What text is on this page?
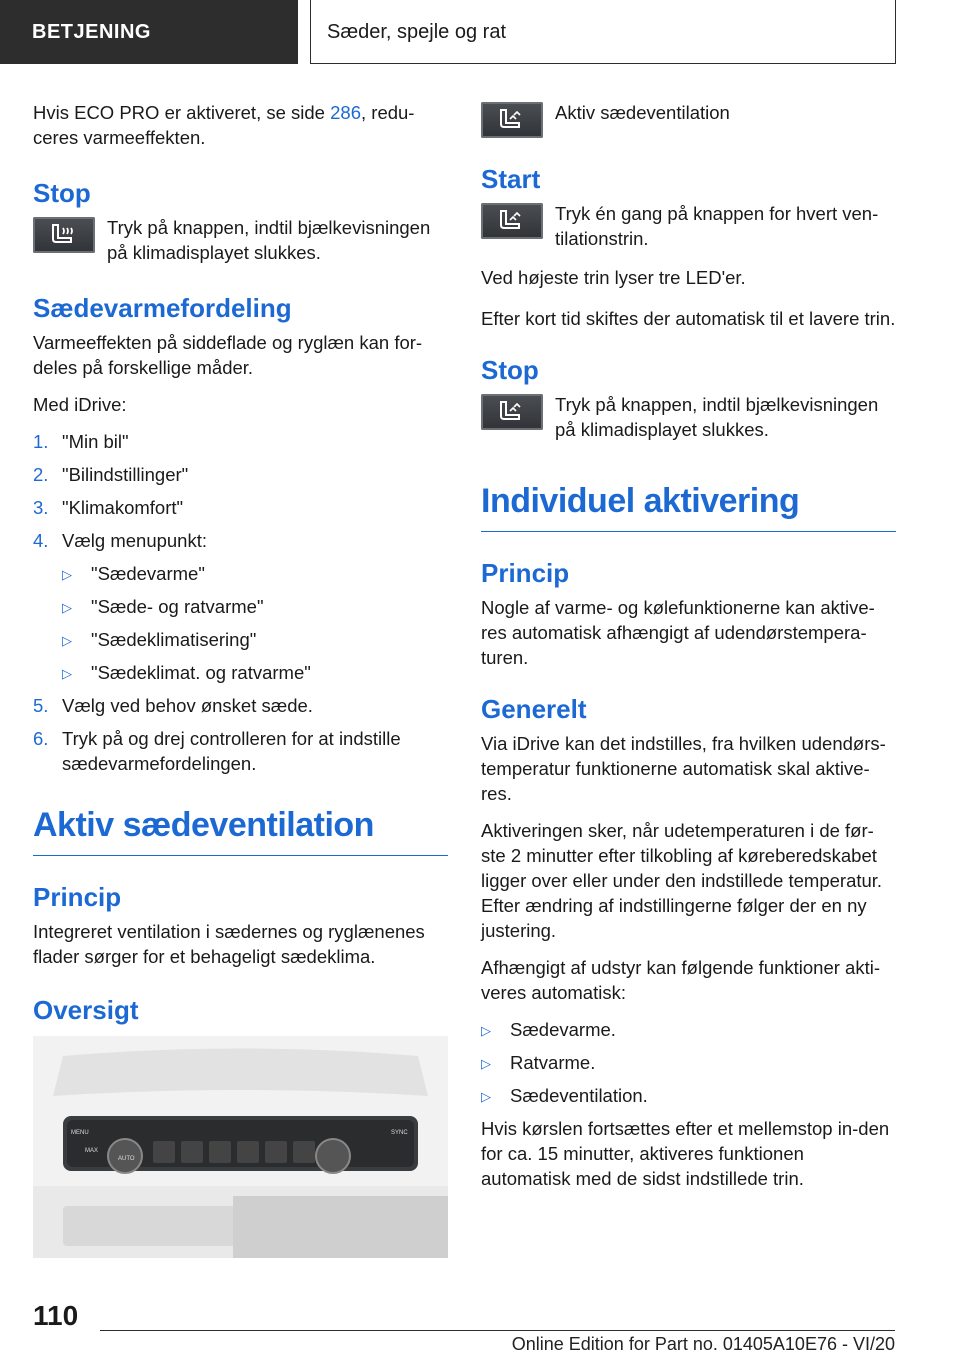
BETJENING	Sæder, spejle og rat

Hvis ECO PRO er aktiveret, se side 286, redu‐ceres varmeeffekten.

Stop
Tryk på knappen, indtil bjælkevisningen på klimadisplayet slukkes.
Sædevarmefordeling

Varmeeffekten på siddeflade og ryglæn kan for‐deles på forskellige måder.

Med iDrive:

1. "Min bil"
2. "Bilindstillinger"
3. "Klimakomfort"
4. Vælg menupunkt:
▷ "Sædevarme"
▷ "Sæde- og ratvarme"
▷ "Sædeklimatisering"
▷ "Sædeklimat. og ratvarme"
5. Vælg ved behov ønsket sæde.
6. Tryk på og drej controlleren for at indstille sædevarmefordelingen.
Aktiv sædeventilation
Princip

Integreret ventilation i sædernes og ryglænenes flader sørger for et behageligt sædeklima.

Oversigt
MENU
MAX
AUTO
SYNC
Aktiv sædeventilation
Start
Tryk én gang på knappen for hvert ven‐tilationstrin.

Ved højeste trin lyser tre LED'er.

Efter kort tid skiftes der automatisk til et lavere trin.

Stop
Tryk på knappen, indtil bjælkevisningen på klimadisplayet slukkes.
Individuel aktivering
Princip

Nogle af varme- og kølefunktionerne kan aktive‐res automatisk afhængigt af udendørstempera‐turen.

Generelt

Via iDrive kan det indstilles, fra hvilken udendørs‐temperatur funktionerne automatisk skal aktive‐res.

Aktiveringen sker, når udetemperaturen i de før‐ste 2 minutter efter tilkobling af køreberedskabet ligger over eller under den indstillede temperatur. Efter ændring af indstillingerne følger der en ny justering.

Afhængigt af udstyr kan følgende funktioner akti‐veres automatisk:

▷ Sædevarme.
▷ Ratvarme.
▷ Sædeventilation.

Hvis kørslen fortsættes efter et mellemstop in‐den for ca. 15 minutter, aktiveres funktionen automatisk med de sidst indstillede trin.

110
Online Edition for Part no. 01405A10E76 - VI/20
